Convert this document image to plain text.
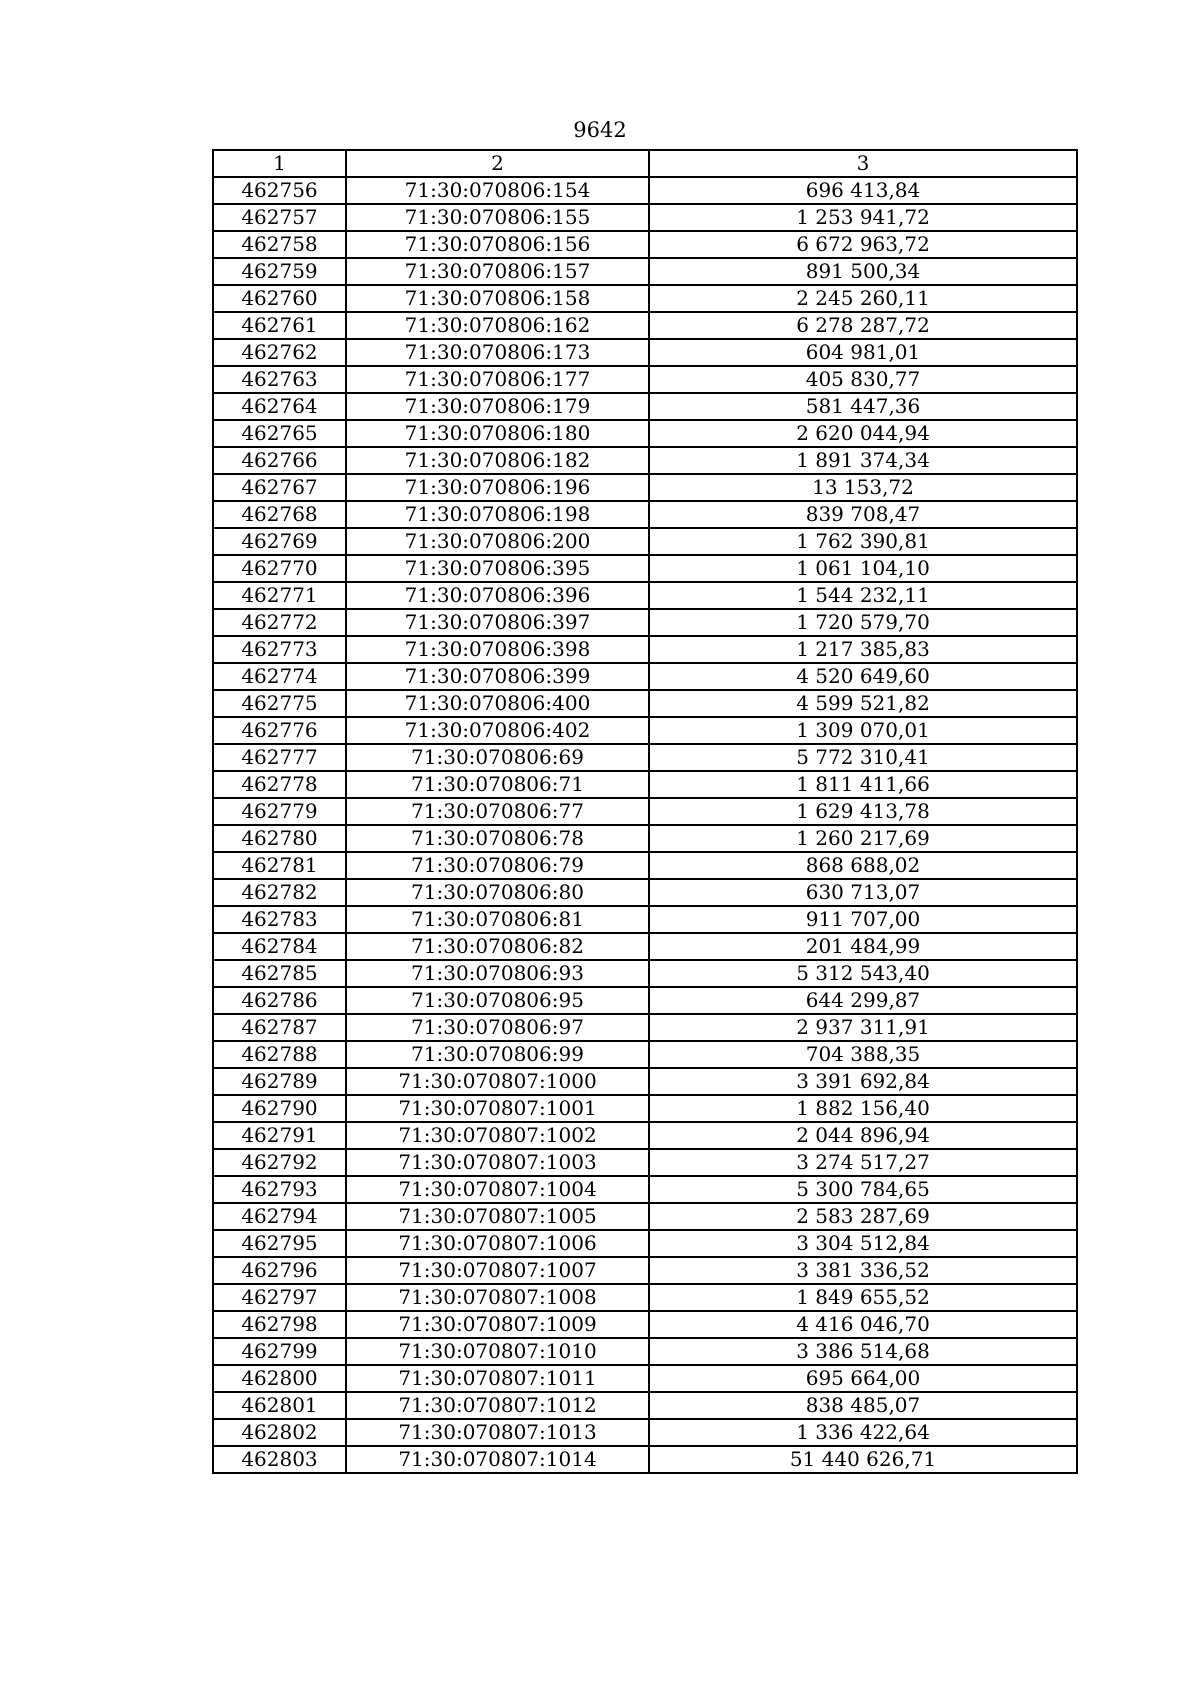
9642
1	2	3
462756	71:30:070806:154	696 413,84
462757	71:30:070806:155	1 253 941,72
462758	71:30:070806:156	6 672 963,72
462759	71:30:070806:157	891 500,34
462760	71:30:070806:158	2 245 260,11
462761	71:30:070806:162	6 278 287,72
462762	71:30:070806:173	604 981,01
462763	71:30:070806:177	405 830,77
462764	71:30:070806:179	581 447,36
462765	71:30:070806:180	2 620 044,94
462766	71:30:070806:182	1 891 374,34
462767	71:30:070806:196	13 153,72
462768	71:30:070806:198	839 708,47
462769	71:30:070806:200	1 762 390,81
462770	71:30:070806:395	1 061 104,10
462771	71:30:070806:396	1 544 232,11
462772	71:30:070806:397	1 720 579,70
462773	71:30:070806:398	1 217 385,83
462774	71:30:070806:399	4 520 649,60
462775	71:30:070806:400	4 599 521,82
462776	71:30:070806:402	1 309 070,01
462777	71:30:070806:69	5 772 310,41
462778	71:30:070806:71	1 811 411,66
462779	71:30:070806:77	1 629 413,78
462780	71:30:070806:78	1 260 217,69
462781	71:30:070806:79	868 688,02
462782	71:30:070806:80	630 713,07
462783	71:30:070806:81	911 707,00
462784	71:30:070806:82	201 484,99
462785	71:30:070806:93	5 312 543,40
462786	71:30:070806:95	644 299,87
462787	71:30:070806:97	2 937 311,91
462788	71:30:070806:99	704 388,35
462789	71:30:070807:1000	3 391 692,84
462790	71:30:070807:1001	1 882 156,40
462791	71:30:070807:1002	2 044 896,94
462792	71:30:070807:1003	3 274 517,27
462793	71:30:070807:1004	5 300 784,65
462794	71:30:070807:1005	2 583 287,69
462795	71:30:070807:1006	3 304 512,84
462796	71:30:070807:1007	3 381 336,52
462797	71:30:070807:1008	1 849 655,52
462798	71:30:070807:1009	4 416 046,70
462799	71:30:070807:1010	3 386 514,68
462800	71:30:070807:1011	695 664,00
462801	71:30:070807:1012	838 485,07
462802	71:30:070807:1013	1 336 422,64
462803	71:30:070807:1014	51 440 626,71
